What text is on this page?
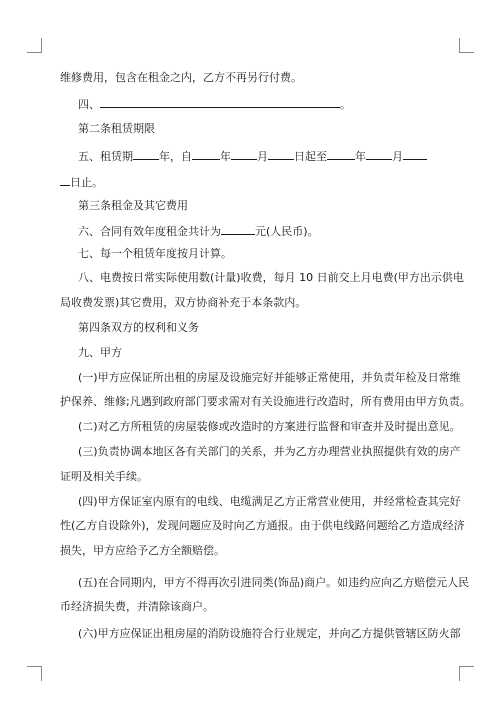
维修费用，包含在租金之内，乙方不再另行付费。
四、	。
第二条租赁期限
五、租赁期 年，自	年 月 日起至	年 月
日止。
第三条租金及其它费用
六、合同有效年度租金共计为	元(人民币)。
七、每一个租赁年度按月计算。
八、电费按日常实际使用数(计量)收费，每月 10 日前交上月电费(甲方出示供电
局收费发票)其它费用，双方协商补充于本条款内。
第四条双方的权利和义务
九、甲方
(一)甲方应保证所出租的房屋及设施完好并能够正常使用，并负责年检及日常维
护保养、维修;凡遇到政府部门要求需对有关设施进行改造时，所有费用由甲方负责。
(二)对乙方所租赁的房屋装修或改造时的方案进行监督和审查并及时提出意见。
(三)负责协调本地区各有关部门的关系，并为乙方办理营业执照提供有效的房产
证明及相关手续。
(四)甲方保证室内原有的电线、电缆满足乙方正常营业使用，并经常检查其完好
性(乙方自设除外)，发现问题应及时向乙方通报。由于供电线路问题给乙方造成经济
损失，甲方应给予乙方全额赔偿。
(五)在合同期内，甲方不得再次引进同类(饰品)商户。如违约应向乙方赔偿元人民
币经济损失费，并清除该商户。
(六)甲方应保证出租房屋的消防设施符合行业规定，并向乙方提供管辖区防火部
